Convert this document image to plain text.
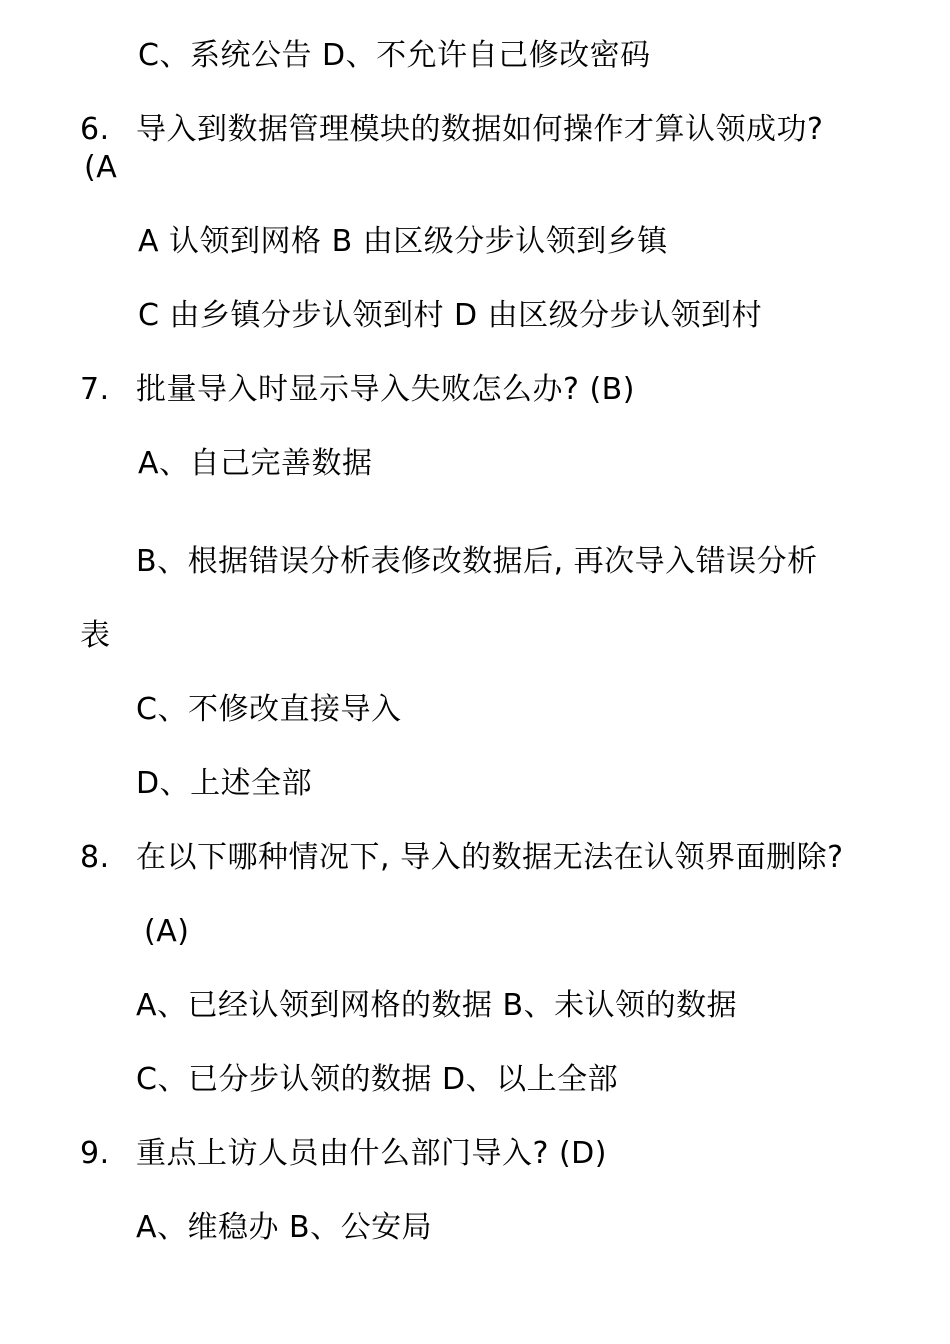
C、系统公告 D、不允许自己修改密码
6. 导入到数据管理模块的数据如何操作才算认领成功?
(A
A 认领到网格 B 由区级分步认领到乡镇
C 由乡镇分步认领到村 D 由区级分步认领到村
7. 批量导入时显示导入失败怎么办? (B)
A、自己完善数据
B、根据错误分析表修改数据后, 再次导入错误分析
表
C、不修改直接导入
D、上述全部
8. 在以下哪种情况下, 导入的数据无法在认领界面删除?
(A)
A、已经认领到网格的数据 B、未认领的数据
C、已分步认领的数据 D、以上全部
9. 重点上访人员由什么部门导入? (D)
A、维稳办 B、公安局
